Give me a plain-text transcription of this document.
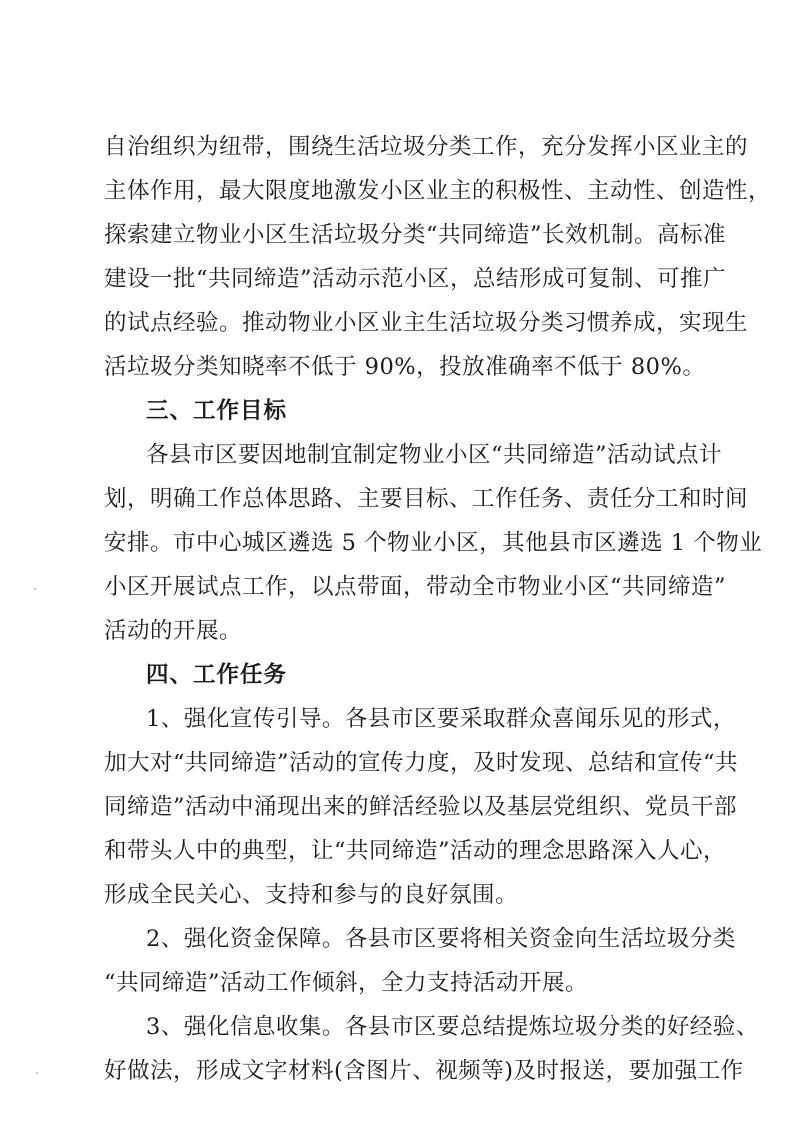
自治组织为纽带，围绕生活垃圾分类工作，充分发挥小区业主的
主体作用，最大限度地激发小区业主的积极性、主动性、创造性，
探索建立物业小区生活垃圾分类“共同缔造”长效机制。高标准
建设一批“共同缔造”活动示范小区，总结形成可复制、可推广
的试点经验。推动物业小区业主生活垃圾分类习惯养成，实现生
活垃圾分类知晓率不低于 90%，投放准确率不低于 80%。
三、工作目标
各县市区要因地制宜制定物业小区“共同缔造”活动试点计
划，明确工作总体思路、主要目标、工作任务、责任分工和时间
安排。市中心城区遴选 5 个物业小区，其他县市区遴选 1 个物业
小区开展试点工作，以点带面，带动全市物业小区“共同缔造”
活动的开展。
四、工作任务
1、强化宣传引导。各县市区要采取群众喜闻乐见的形式，
加大对“共同缔造”活动的宣传力度，及时发现、总结和宣传“共
同缔造”活动中涌现出来的鲜活经验以及基层党组织、党员干部
和带头人中的典型，让“共同缔造”活动的理念思路深入人心，
形成全民关心、支持和参与的良好氛围。
2、强化资金保障。各县市区要将相关资金向生活垃圾分类
“共同缔造”活动工作倾斜，全力支持活动开展。
3、强化信息收集。各县市区要总结提炼垃圾分类的好经验、
好做法，形成文字材料(含图片、视频等)及时报送，要加强工作
